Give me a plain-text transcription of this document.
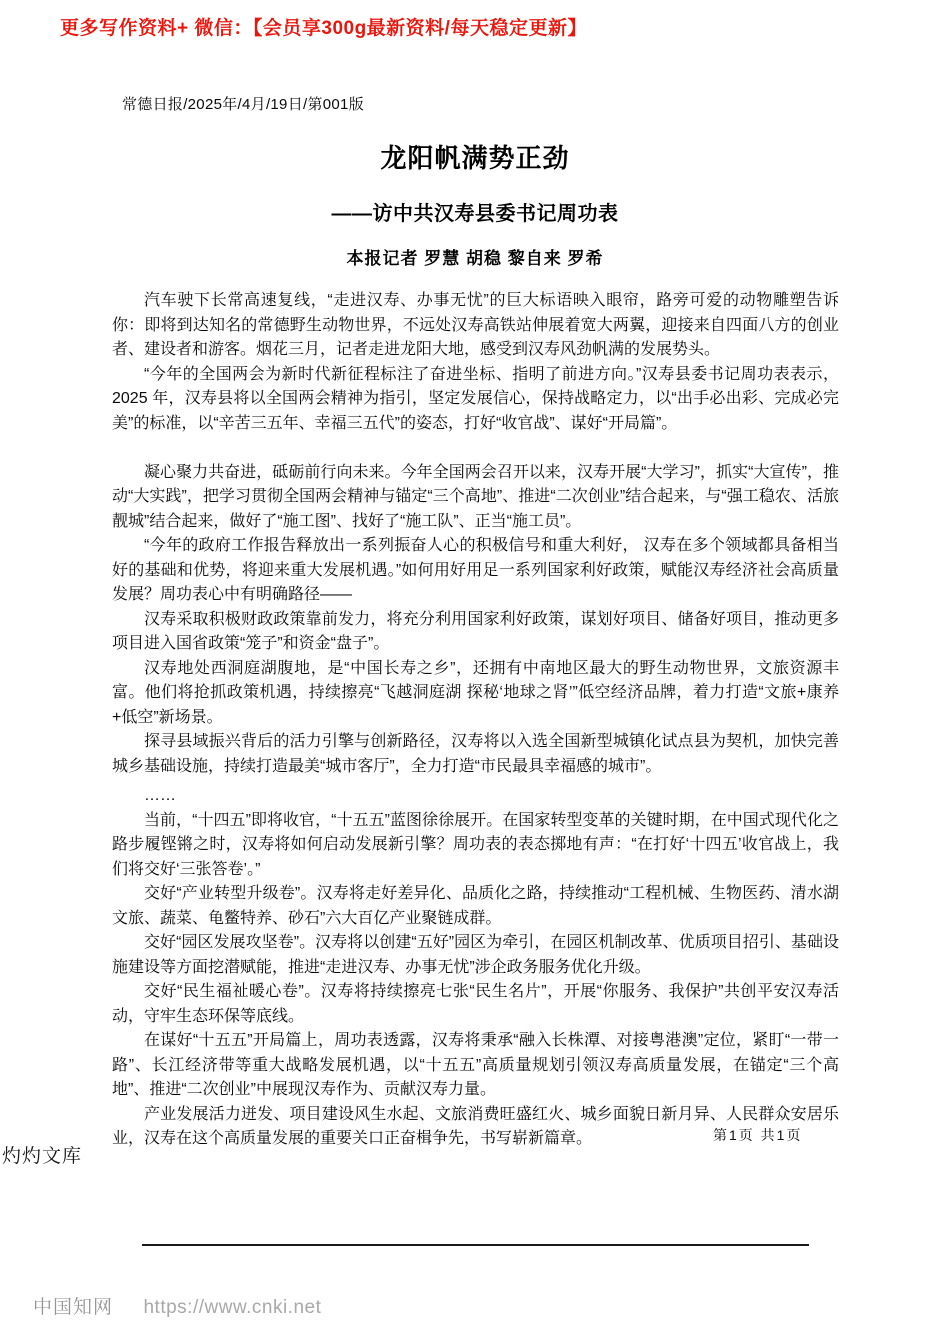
更多写作资料+ 微信：【会员享300g最新资料/每天稳定更新】
常德日报/2025年/4月/19日/第001版
龙阳帆满势正劲
——访中共汉寿县委书记周功表
本报记者 罗慧 胡稳 黎自来 罗希

汽车驶下长常高速复线，“走进汉寿、办事无忧”的巨大标语映入眼帘，路旁可爱的动物雕塑告诉你：即将到达知名的常德野生动物世界，不远处汉寿高铁站伸展着宽大两翼，迎接来自四面八方的创业者、建设者和游客。烟花三月，记者走进龙阳大地，感受到汉寿风劲帆满的发展势头。

“今年的全国两会为新时代新征程标注了奋进坐标、指明了前进方向。”汉寿县委书记周功表表示，2025 年，汉寿县将以全国两会精神为指引，坚定发展信心，保持战略定力，以“出手必出彩、完成必完美”的标准，以“辛苦三五年、幸福三五代”的姿态，打好“收官战”、谋好“开局篇”。

凝心聚力共奋进，砥砺前行向未来。今年全国两会召开以来，汉寿开展“大学习”，抓实“大宣传”，推动“大实践”，把学习贯彻全国两会精神与锚定“三个高地”、推进“二次创业”结合起来，与“强工稳农、活旅靓城”结合起来，做好了“施工图”、找好了“施工队”、正当“施工员”。

“今年的政府工作报告释放出一系列振奋人心的积极信号和重大利好， 汉寿在多个领域都具备相当好的基础和优势，将迎来重大发展机遇。”如何用好用足一系列国家利好政策，赋能汉寿经济社会高质量发展？周功表心中有明确路径——

汉寿采取积极财政政策靠前发力，将充分利用国家利好政策，谋划好项目、储备好项目，推动更多项目进入国省政策“笼子”和资金“盘子”。

汉寿地处西洞庭湖腹地，是“中国长寿之乡”，还拥有中南地区最大的野生动物世界，文旅资源丰富。他们将抢抓政策机遇，持续擦亮“飞越洞庭湖 探秘‘地球之肾’”低空经济品牌，着力打造“文旅+康养+低空”新场景。

探寻县域振兴背后的活力引擎与创新路径，汉寿将以入选全国新型城镇化试点县为契机，加快完善城乡基础设施，持续打造最美“城市客厅”，全力打造“市民最具幸福感的城市”。

……

当前，“十四五”即将收官，“十五五”蓝图徐徐展开。在国家转型变革的关键时期，在中国式现代化之路步履铿锵之时，汉寿将如何启动发展新引擎？周功表的表态掷地有声：“在打好‘十四五’收官战上，我们将交好‘三张答卷’。”

交好“产业转型升级卷”。汉寿将走好差异化、品质化之路，持续推动“工程机械、生物医药、清水湖文旅、蔬菜、龟鳖特养、砂石”六大百亿产业聚链成群。

交好“园区发展攻坚卷”。汉寿将以创建“五好”园区为牵引，在园区机制改革、优质项目招引、基础设施建设等方面挖潜赋能，推进“走进汉寿、办事无忧”涉企政务服务优化升级。

交好“民生福祉暖心卷”。汉寿将持续擦亮七张“民生名片”，开展“你服务、我保护”共创平安汉寿活动，守牢生态环保等底线。

在谋好“十五五”开局篇上，周功表透露，汉寿将秉承“融入长株潭、对接粤港澳”定位，紧盯“一带一路”、长江经济带等重大战略发展机遇，以“十五五”高质量规划引领汉寿高质量发展，在锚定“三个高地”、推进“二次创业”中展现汉寿作为、贡献汉寿力量。

产业发展活力迸发、项目建设风生水起、文旅消费旺盛红火、城乡面貌日新月异、人民群众安居乐业，汉寿在这个高质量发展的重要关口正奋楫争先，书写崭新篇章。	第1页 共1页
灼灼文库
中国知网 https://www.cnki.net
